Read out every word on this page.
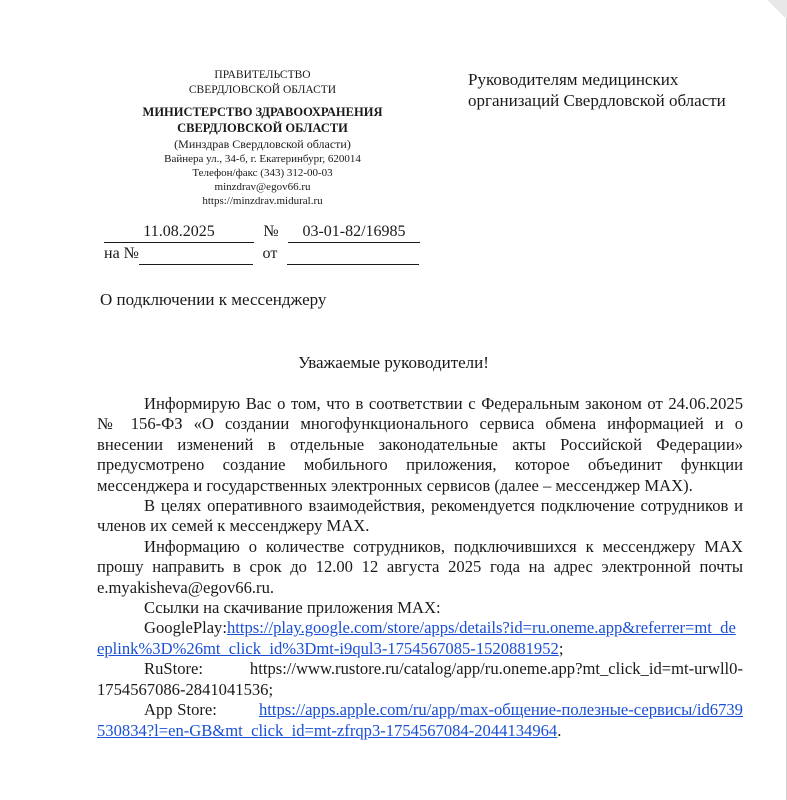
ПРАВИТЕЛЬСТВО
СВЕРДЛОВСКОЙ ОБЛАСТИ
МИНИСТЕРСТВО ЗДРАВООХРАНЕНИЯ
СВЕРДЛОВСКОЙ ОБЛАСТИ
(Минздрав Свердловской области)
Вайнера ул., 34-б, г. Екатеринбург, 620014
Телефон/факс (343) 312-00-03
minzdrav@egov66.ru
https://minzdrav.midural.ru
Руководителям медицинских
организаций Свердловской области
11.08.2025	№ 03-01-82/16985
на №	от
О подключении к мессенджеру
Уважаемые руководители!

Информирую Вас о том, что в соответствии с Федеральным законом от 24.06.2025 № 156-ФЗ «О создании многофункционального сервиса обмена информацией и о внесении изменений в отдельные законодательные акты Российской Федерации» предусмотрено создание мобильного приложения, которое объединит функции мессенджера и государственных электронных сервисов (далее – мессенджер MAX).

В целях оперативного взаимодействия, рекомендуется подключение сотрудников и членов их семей к мессенджеру MAX.

Информацию о количестве сотрудников, подключившихся к мессенджеру MAX прошу направить в срок до 12.00 12 августа 2025 года на адрес электронной почты e.myakisheva@egov66.ru.

Ссылки на скачивание приложения MAX:

GooglePlay:https://play.google.com/store/apps/details?id=ru.oneme.app&referrer=mt_deeplink%3D%26mt_click_id%3Dmt-i9qul3-1754567085-1520881952;

RuStore:	https://www.rustore.ru/catalog/app/ru.oneme.app?mt_click_id=mt-urwll0-1754567086-2841041536;

App Store:	https://apps.apple.com/ru/app/max-общение-полезные-сервисы/id6739530834?l=en-GB&mt_click_id=mt-zfrqp3-1754567084-2044134964.
